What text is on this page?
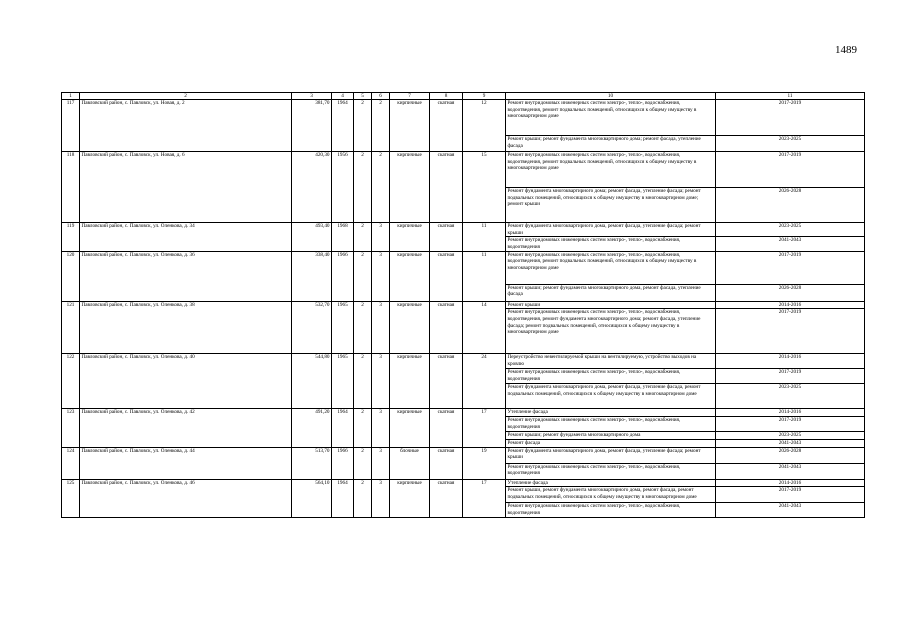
1489
1	2	3	4	5	6	7	8	9	10	11
117	Павловский район, с. Павловск, ул. Новая, д. 2	381,70	1964	2	2	кирпичные	скатная	12	Ремонт внутридомовых инженерных систем электро-, тепло-, водоснабжения, водоотведения, ремонт подвальных помещений, относящихся к общему имуществу в многоквартирном доме	2017-2019
									Ремонт крыши; ремонт фундамента многоквартирного дома; ремонт фасада, утепление фасада	2023-2025
118	Павловский район, с. Павловск, ул. Новая, д. 6	420,30	1956	2	2	кирпичные	скатная	15	Ремонт внутридомовых инженерных систем электро-, тепло-, водоснабжения, водоотведения, ремонт подвальных помещений, относящихся к общему имуществу в многоквартирном доме	2017-2019
									Ремонт фундамента многоквартирного дома; ремонт фасада, утепление фасада; ремонт подвальных помещений, относящихся к общему имуществу в многоквартирном доме; ремонт крыши	2026-2028
119	Павловский район, с. Павловск, ул. Оленкова, д. 34	493,40	1968	2	3	кирпичные	скатная	11	Ремонт фундамента многоквартирного дома, ремонт фасада, утепление фасада; ремонт крыши	2023-2025
									Ремонт внутридомовых инженерных систем электро-, тепло-, водоснабжения, водоотведения	2041-2043
120	Павловский район, с. Павловск, ул. Оленкова, д. 36	338,40	1966	2	3	кирпичные	скатная	11	Ремонт внутридомовых инженерных систем электро-, тепло-, водоснабжения, водоотведения, ремонт подвальных помещений, относящихся к общему имуществу в многоквартирном доме	2017-2019
									Ремонт крыши; ремонт фундамента многоквартирного дома, ремонт фасада, утепление фасада	2026-2028
121	Павловский район, с. Павловск, ул. Оленкова, д. 38	532,70	1965	2	3	кирпичные	скатная	14	Ремонт крыши	2014-2016
									Ремонт внутридомовых инженерных систем электро-, тепло-, водоснабжения, водоотведения, ремонт фундамента многоквартирного дома; ремонт фасада, утепление фасада; ремонт подвальных помещений, относящихся к общему имуществу в многоквартирном доме	2017-2019
122	Павловский район, с. Павловск, ул. Оленкова, д. 40	544,80	1965	2	3	кирпичные	скатная	24	Переустройство невентилируемой крыши на вентилируемую, устройство выходов на кровлю	2014-2016
									Ремонт внутридомовых инженерных систем электро-, тепло-, водоснабжения, водоотведения	2017-2019
									Ремонт фундамента многоквартирного дома, ремонт фасада, утепление фасада, ремонт подвальных помещений, относящихся к общему имуществу в многоквартирном доме	2023-2025
123	Павловский район, с. Павловск, ул. Оленкова, д. 42	491,20	1964	2	3	кирпичные	скатная	17	Утепление фасада	2014-2016
									Ремонт внутридомовых инженерных систем электро-, тепло-, водоснабжения, водоотведения	2017-2019
									Ремонт крыши; ремонт фундамента многоквартирного дома	2023-2025
									Ремонт фасада	2041-2043
124	Павловский район, с. Павловск, ул. Оленкова, д. 44	513,70	1966	2	3	блочные	скатная	19	Ремонт фундамента многоквартирного дома, ремонт фасада, утепление фасада; ремонт крыши	2026-2028
									Ремонт внутридомовых инженерных систем электро-, тепло-, водоснабжения, водоотведения	2041-2043
125	Павловский район, с. Павловск, ул. Оленкова, д. 46	564,10	1964	2	3	кирпичные	скатная	17	Утепление фасада	2014-2016
									Ремонт крыши, ремонт фундамента многоквартирного дома, ремонт фасада, ремонт подвальных помещений, относящихся к общему имуществу в многоквартирном доме	2017-2019
									Ремонт внутридомовых инженерных систем электро-, тепло-, водоснабжения, водоотведения	2041-2043
